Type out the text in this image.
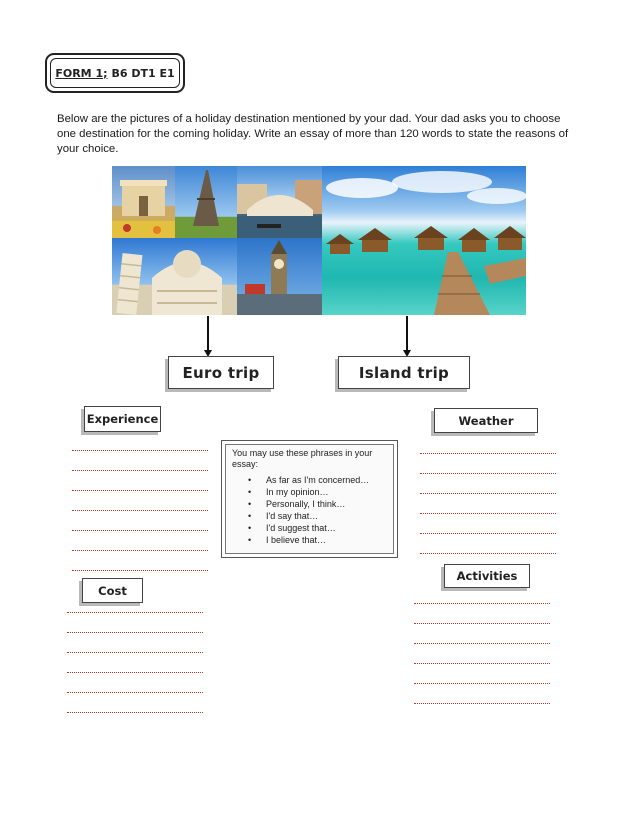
FORM 1; B6 DT1 E1
Below are the pictures of a holiday destination mentioned by your dad. Your dad asks you to choose one destination for the coming holiday. Write an essay of more than 120 words to state the reasons of your choice.
Euro trip	Island trip
Experience	Weather
Cost
Activities
You may use these phrases in your essay:
• As far as I'm concerned…
• In my opinion…
• Personally, I think…
• I'd say that…
• I'd suggest that…
• I believe that…
